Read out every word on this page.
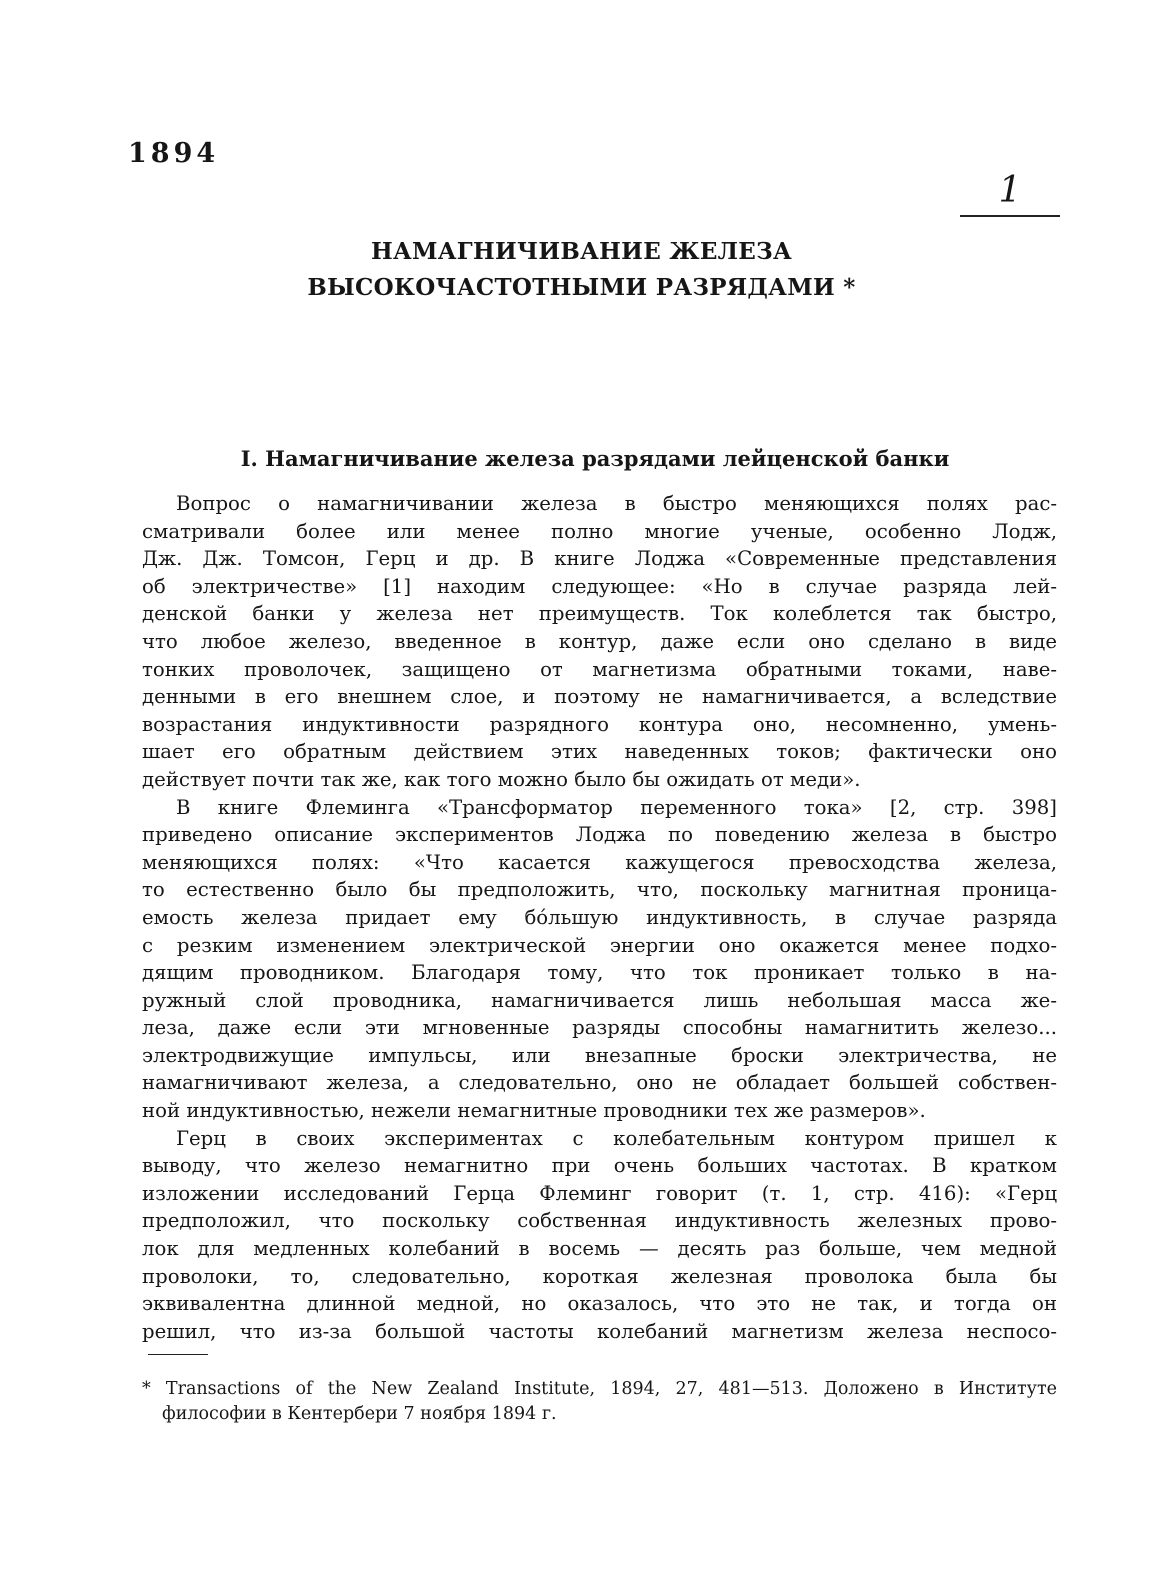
1894
1
НАМАГНИЧИВАНИЕ ЖЕЛЕЗА
ВЫСОКОЧАСТОТНЫМИ РАЗРЯДАМИ *
I. Намагничивание железа разрядами лейценской банки
Вопрос о намагничивании железа в быстро меняющихся полях рас-
сматривали более или менее полно многие ученые, особенно Лодж,
Дж. Дж. Томсон, Герц и др. В книге Лоджа «Современные представления
об электричестве» [1] находим следующее: «Но в случае разряда лей-
денской банки у железа нет преимуществ. Ток колеблется так быстро,
что любое железо, введенное в контур, даже если оно сделано в виде
тонких проволочек, защищено от магнетизма обратными токами, наве-
денными в его внешнем слое, и поэтому не намагничивается, а вследствие
возрастания индуктивности разрядного контура оно, несомненно, умень-
шает его обратным действием этих наведенных токов; фактически оно
действует почти так же, как того можно было бы ожидать от меди».
В книге Флеминга «Трансформатор переменного тока» [2, стр. 398]
приведено описание экспериментов Лоджа по поведению железа в быстро
меняющихся полях: «Что касается кажущегося превосходства железа,
то естественно было бы предположить, что, поскольку магнитная проница-
емость железа придает ему бо́льшую индуктивность, в случае разряда
с резким изменением электрической энергии оно окажется менее подхо-
дящим проводником. Благодаря тому, что ток проникает только в на-
ружный слой проводника, намагничивается лишь небольшая масса же-
леза, даже если эти мгновенные разряды способны намагнитить железо...
электродвижущие импульсы, или внезапные броски электричества, не
намагничивают железа, а следовательно, оно не обладает большей собствен-
ной индуктивностью, нежели немагнитные проводники тех же размеров».
Герц в своих экспериментах с колебательным контуром пришел к
выводу, что железо немагнитно при очень больших частотах. В кратком
изложении исследований Герца Флеминг говорит (т. 1, стр. 416): «Герц
предположил, что поскольку собственная индуктивность железных прово-
лок для медленных колебаний в восемь — десять раз больше, чем медной
проволоки, то, следовательно, короткая железная проволока была бы
эквивалентна длинной медной, но оказалось, что это не так, и тогда он
решил, что из-за большой частоты колебаний магнетизм железа неспосо-
* Transactions of the New Zealand Institute, 1894, 27, 481—513. Доложено в Институте
философии в Кентербери 7 ноября 1894 г.
